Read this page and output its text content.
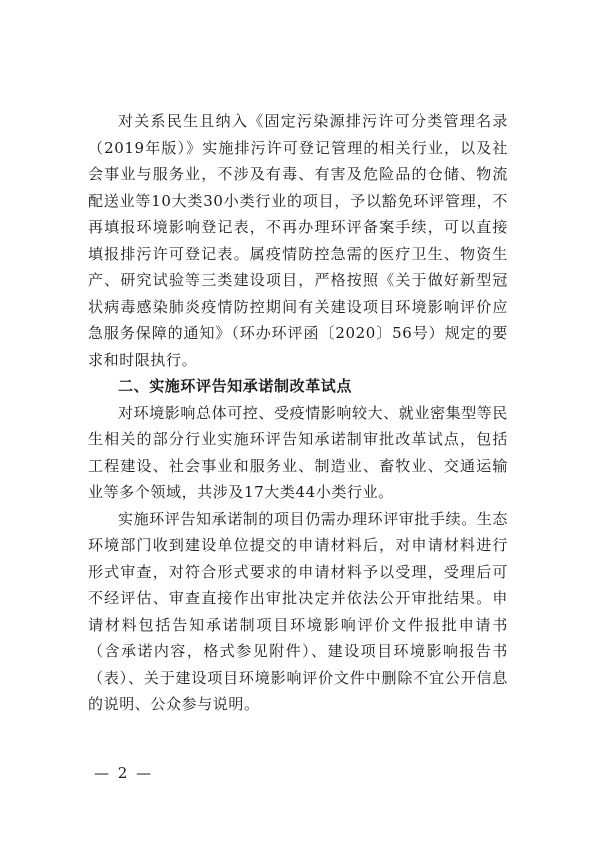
对关系民生且纳入《固定污染源排污许可分类管理名录（2019年版）》实施排污许可登记管理的相关行业，以及社会事业与服务业，不涉及有毒、有害及危险品的仓储、物流配送业等10大类30小类行业的项目，予以豁免环评管理，不再填报环境影响登记表，不再办理环评备案手续，可以直接填报排污许可登记表。属疫情防控急需的医疗卫生、物资生产、研究试验等三类建设项目，严格按照《关于做好新型冠状病毒感染肺炎疫情防控期间有关建设项目环境影响评价应急服务保障的通知》（环办环评函〔2020〕56号）规定的要求和时限执行。

二、实施环评告知承诺制改革试点

对环境影响总体可控、受疫情影响较大、就业密集型等民生相关的部分行业实施环评告知承诺制审批改革试点，包括工程建设、社会事业和服务业、制造业、畜牧业、交通运输业等多个领域，共涉及17大类44小类行业。

实施环评告知承诺制的项目仍需办理环评审批手续。生态环境部门收到建设单位提交的申请材料后，对申请材料进行形式审查，对符合形式要求的申请材料予以受理，受理后可不经评估、审查直接作出审批决定并依法公开审批结果。申请材料包括告知承诺制项目环境影响评价文件报批申请书（含承诺内容，格式参见附件）、建设项目环境影响报告书（表）、关于建设项目环境影响评价文件中删除不宜公开信息的说明、公众参与说明。

— 2 —
